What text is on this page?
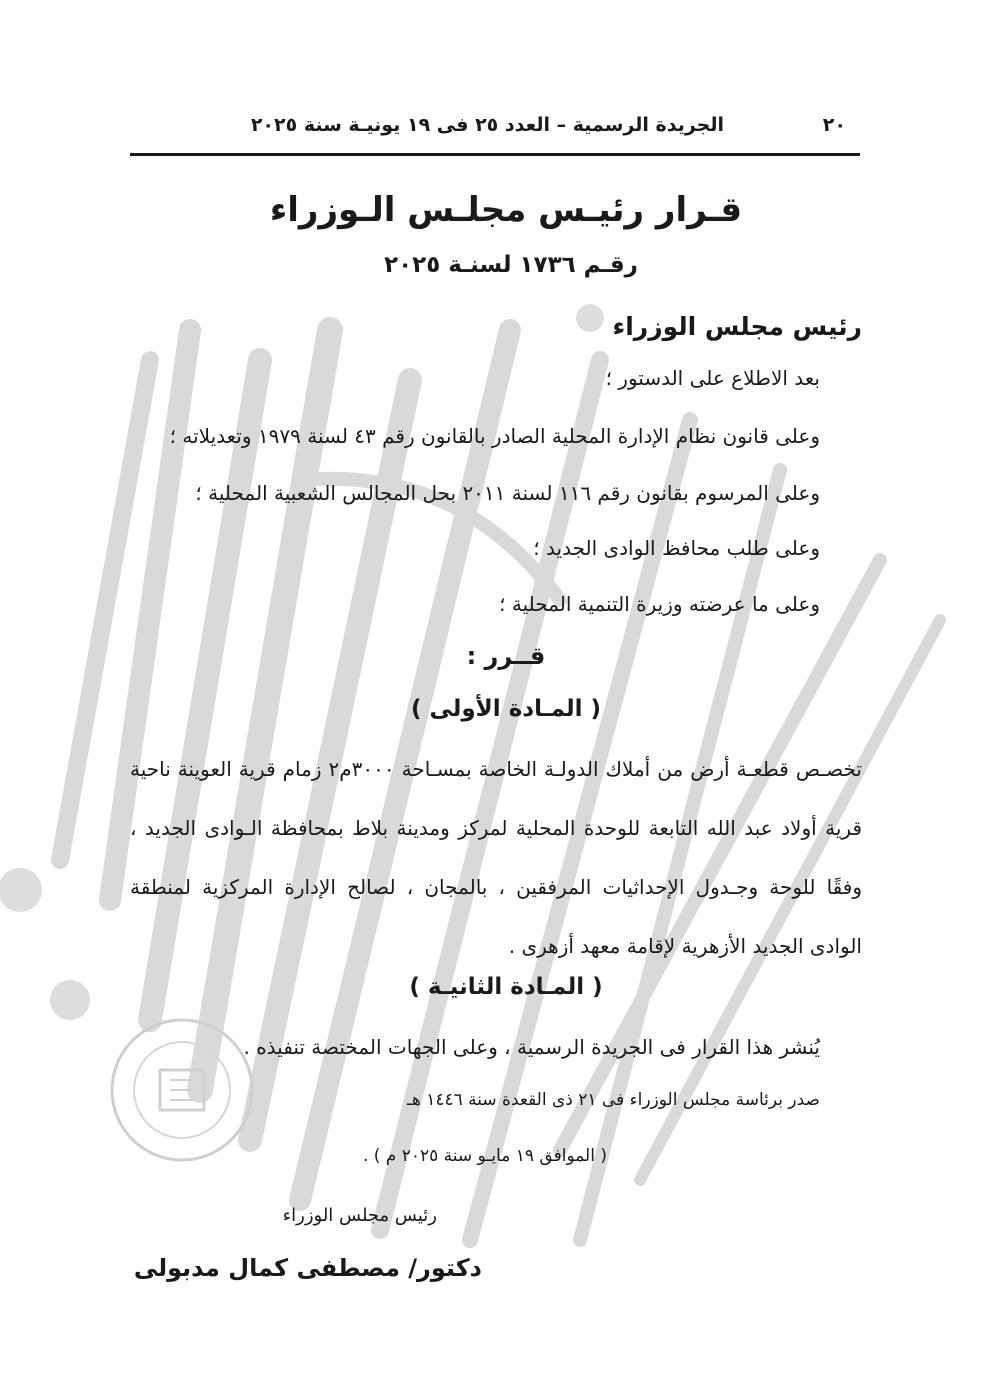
٢٠
الجريدة الرسمية – العدد ٢٥ فى ١٩ يونيـة سنة ٢٠٢٥
قـرار رئيـس مجلـس الـوزراء
رقـم ١٧٣٦ لسنـة ٢٠٢٥
رئيس مجلس الوزراء
بعد الاطلاع على الدستور ؛
وعلى قانون نظام الإدارة المحلية الصادر بالقانون رقم ٤٣ لسنة ١٩٧٩ وتعديلاته ؛
وعلى المرسوم بقانون رقم ١١٦ لسنة ٢٠١١ بحل المجالس الشعبية المحلية ؛
وعلى طلب محافظ الوادى الجديد ؛
وعلى ما عرضته وزيرة التنمية المحلية ؛
قــرر :
( المـادة الأولى )
تخصـص قطعـة أرض من أملاك الدولـة الخاصة بمسـاحة ٣٠٠٠م٢ زمام قرية العوينة ناحية قرية أولاد عبد الله التابعة للوحدة المحلية لمركز ومدينة بلاط بمحافظة الـوادى الجديد ، وفقًا للوحة وجـدول الإحداثيات المرفقين ، بالمجان ، لصالح الإدارة المركزية لمنطقة الوادى الجديد الأزهرية لإقامة معهد أزهرى .
( المـادة الثانيـة )
يُنشر هذا القرار فى الجريدة الرسمية ، وعلى الجهات المختصة تنفيذه .
صدر برئاسة مجلس الوزراء فى ٢١ ذى القعدة سنة ١٤٤٦ هـ
( الموافق ١٩ مايـو سنة ٢٠٢٥ م ) .
رئيس مجلس الوزراء
دكتور/ مصطفى كمال مدبولى
